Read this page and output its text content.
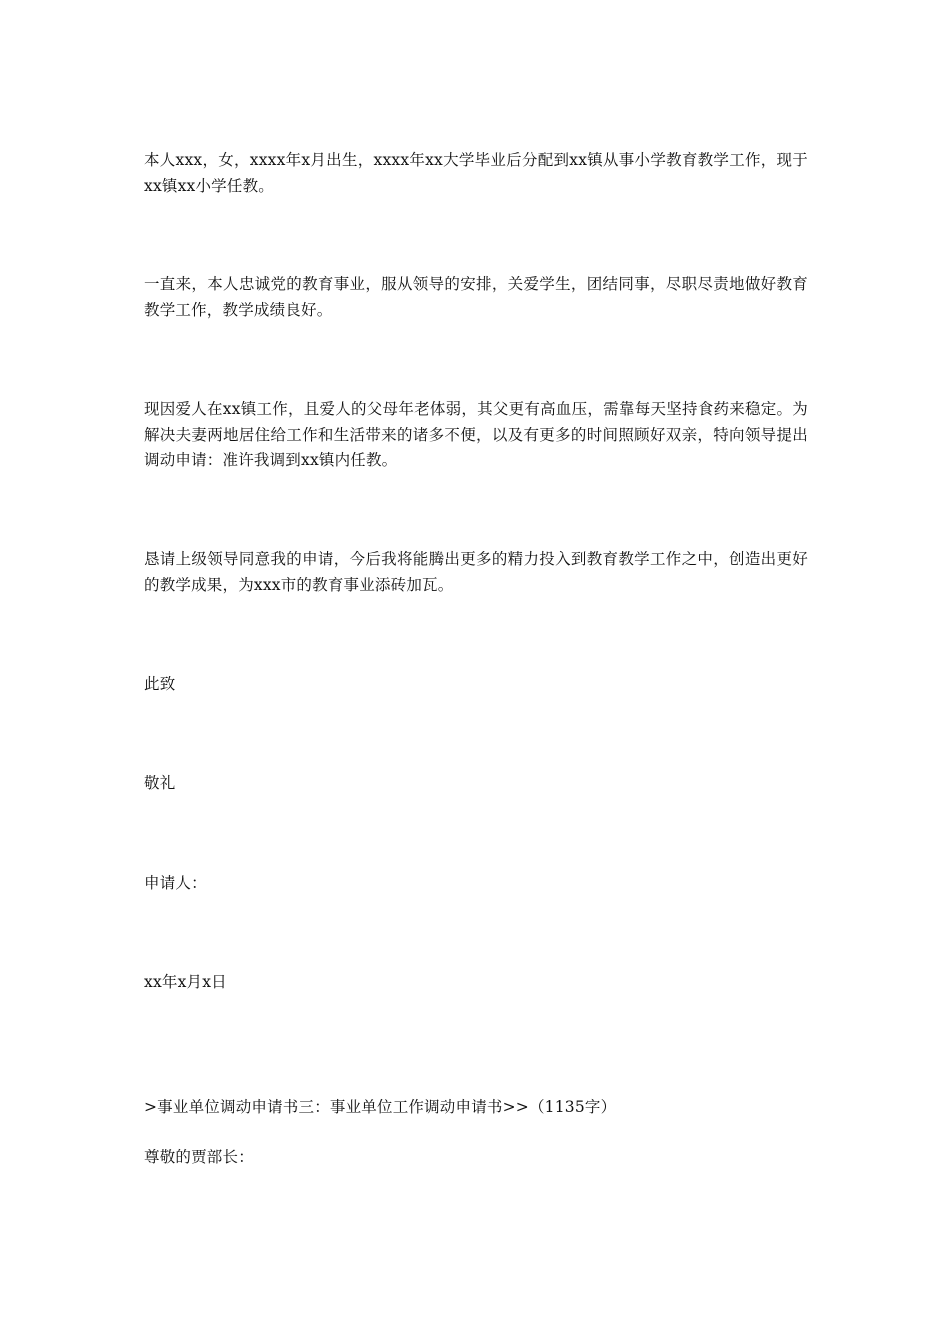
本人xxx，女，xxxx年x月出生，xxxx年xx大学毕业后分配到xx镇从事小学教育教学工作，现于xx镇xx小学任教。

一直来，本人忠诚党的教育事业，服从领导的安排，关爱学生，团结同事，尽职尽责地做好教育教学工作，教学成绩良好。

现因爱人在xx镇工作，且爱人的父母年老体弱，其父更有高血压，需靠每天坚持食药来稳定。为解决夫妻两地居住给工作和生活带来的诸多不便，以及有更多的时间照顾好双亲，特向领导提出调动申请：准许我调到xx镇内任教。

恳请上级领导同意我的申请，今后我将能腾出更多的精力投入到教育教学工作之中，创造出更好的教学成果，为xxx市的教育事业添砖加瓦。

此致

敬礼

申请人：

xx年x月x日

>事业单位调动申请书三：事业单位工作调动申请书>>（1135字）

尊敬的贾部长：
